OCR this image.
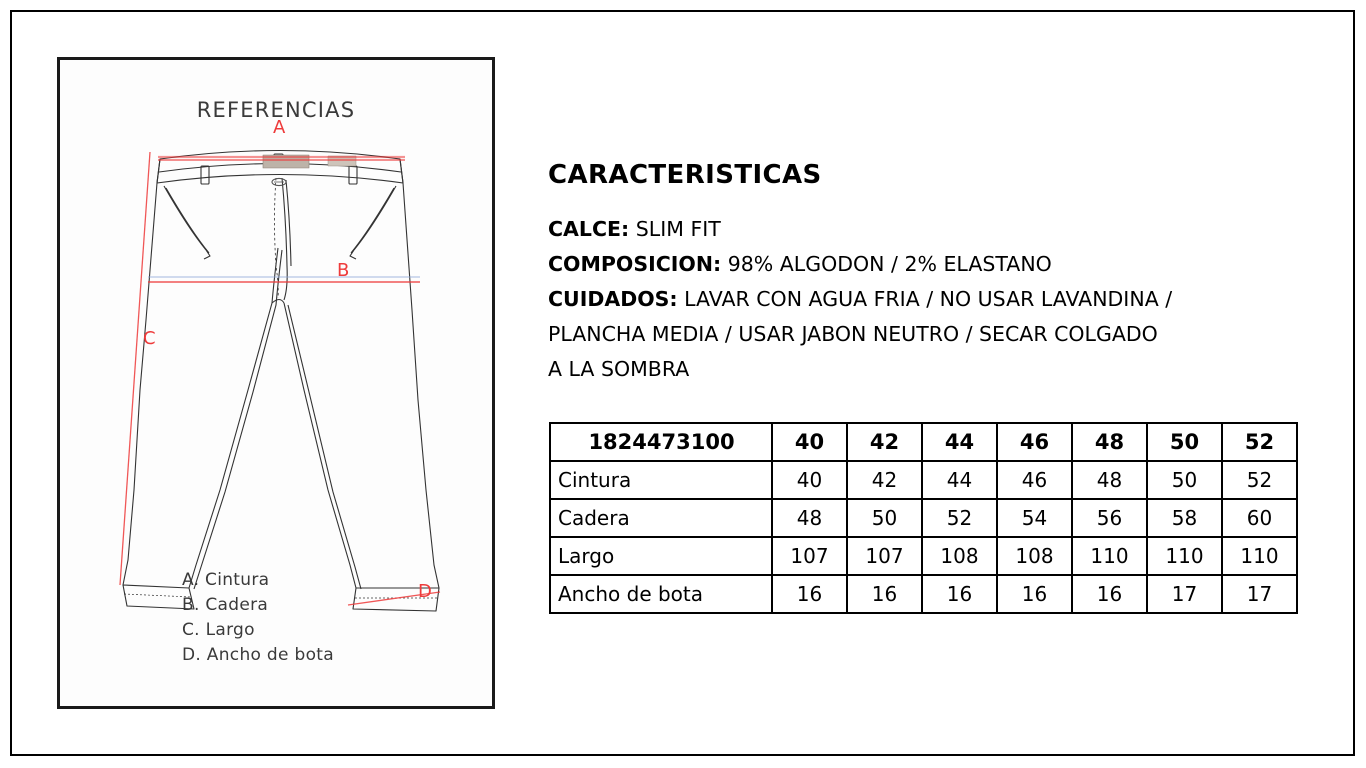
REFERENCIAS
A
B
C
D
A. Cintura
B. Cadera
C. Largo
D. Ancho de bota
CARACTERISTICAS
CALCE: SLIM FIT
COMPOSICION: 98% ALGODON / 2% ELASTANO
CUIDADOS: LAVAR CON AGUA FRIA / NO USAR LAVANDINA /
PLANCHA MEDIA / USAR JABON NEUTRO / SECAR COLGADO
A LA SOMBRA
1824473100	40	42	44	46	48	50	52
Cintura	40	42	44	46	48	50	52
Cadera	48	50	52	54	56	58	60
Largo	107	107	108	108	110	110	110
Ancho de bota	16	16	16	16	16	17	17
